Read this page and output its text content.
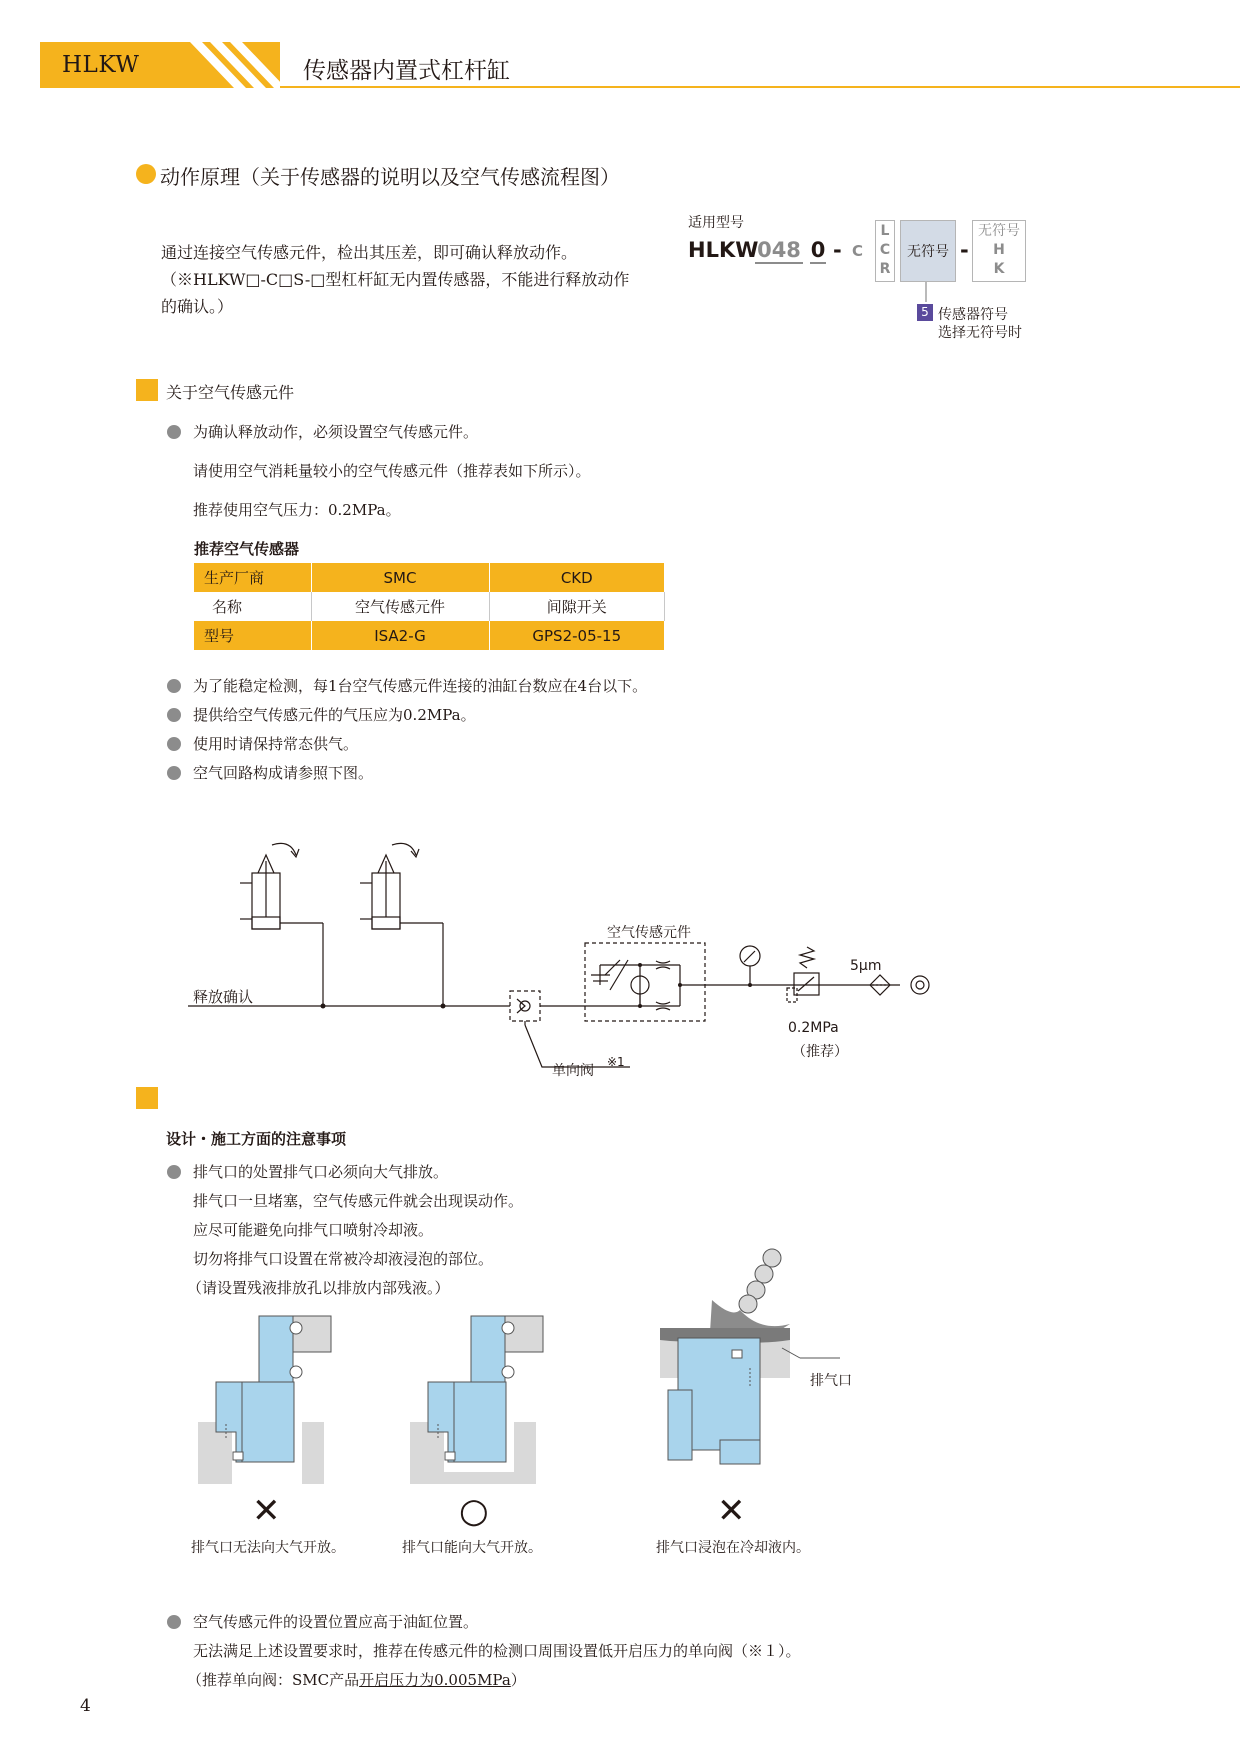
HLKW	传感器内置式杠杆缸
动作原理（关于传感器的说明以及空气传感流程图）
通过连接空气传感元件，检出其压差，即可确认释放动作。
（※HLKW□-C□S-□型杠杆缸无内置传感器，不能进行释放动作
的确认。）
适用型号
HLKW
048 0 - C
L
C
R
无符号 -
无符号
H
K
5 传感器符号
选择无符号时
关于空气传感元件
为确认释放动作，必须设置空气传感元件。
请使用空气消耗量较小的空气传感元件（推荐表如下所示）。
推荐使用空气压力：0.2MPa。
推荐空气传感器
生产厂商	SMC	CKD
名称	空气传感元件	间隙开关
型号	ISA2-G	GPS2-05-15
为了能稳定检测，每1台空气传感元件连接的油缸台数应在4台以下。
提供给空气传感元件的气压应为0.2MPa。
使用时请保持常态供气。
空气回路构成请参照下图。
释放确认
空气传感元件
5μm
0.2MPa
（推荐）
单向阀
※1
设计・施工方面的注意事项
排气口的处置排气口必须向大气排放。
排气口一旦堵塞，空气传感元件就会出现误动作。
应尽可能避免向排气口喷射冷却液。
切勿将排气口设置在常被冷却液浸泡的部位。
（请设置残液排放孔以排放内部残液。）
排气口
✕	○	✕
排气口无法向大气开放。	排气口能向大气开放。	排气口浸泡在冷却液内。
空气传感元件的设置位置应高于油缸位置。
无法满足上述设置要求时，推荐在传感元件的检测口周围设置低开启压力的单向阀（※１）。
（推荐单向阀：SMC产品开启压力为0.005MPa）
4
